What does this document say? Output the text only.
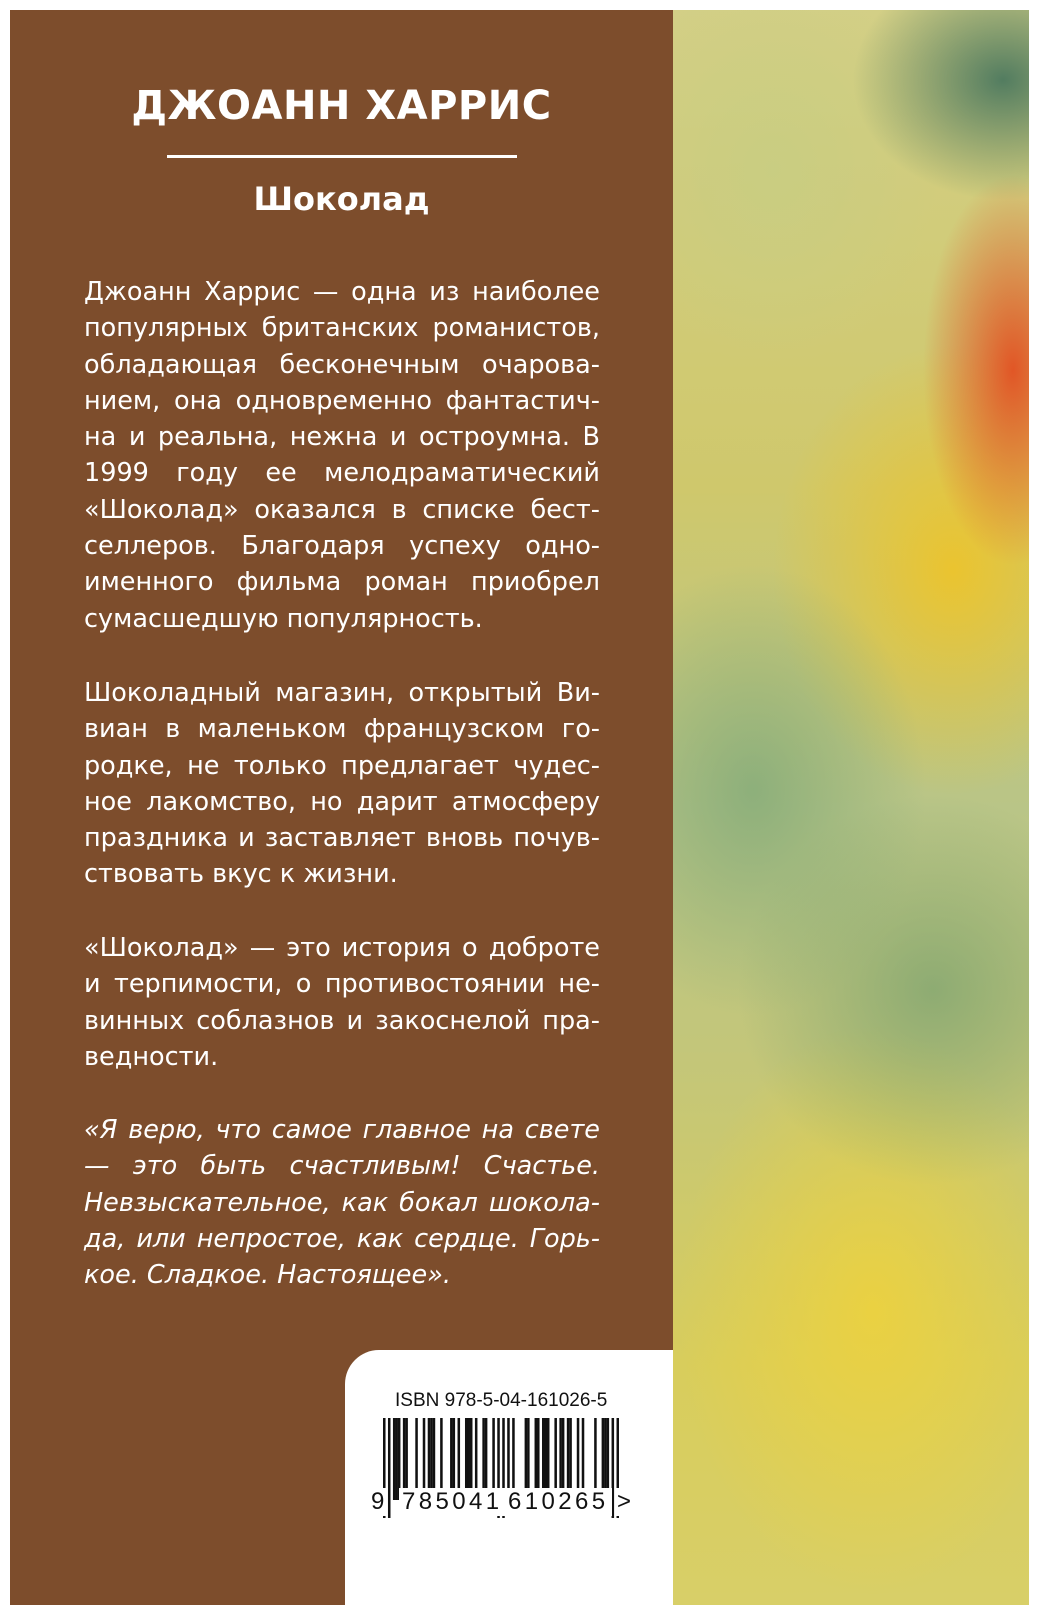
ДЖОАНН ХАРРИС
Шоколад

Джоанн Харрис — одна из наиболее популярных британских романистов, обладающая бесконечным очарованием, она одновременно фантастична и реальна, нежна и остроумна. В 1999 году ее мелодраматический «Шоколад» оказался в списке бестселлеров. Благодаря успеху одноименного фильма роман приобрел сумасшедшую популярность.

Шоколадный магазин, открытый Вивиан в маленьком французском городке, не только предлагает чудесное лакомство, но дарит атмосферу праздника и заставляет вновь почувствовать вкус к жизни.

«Шоколад» — это история о доброте и терпимости, о противостоянии невинных соблазнов и закоснелой праведности.

«Я верю, что самое главное на свете — это быть счастливым! Счастье. Невзыскательное, как бокал шоколада, или непростое, как сердце. Горькое. Сладкое. Настоящее».

ISBN 978-5-04-161026-5

9 785041 610265 >
